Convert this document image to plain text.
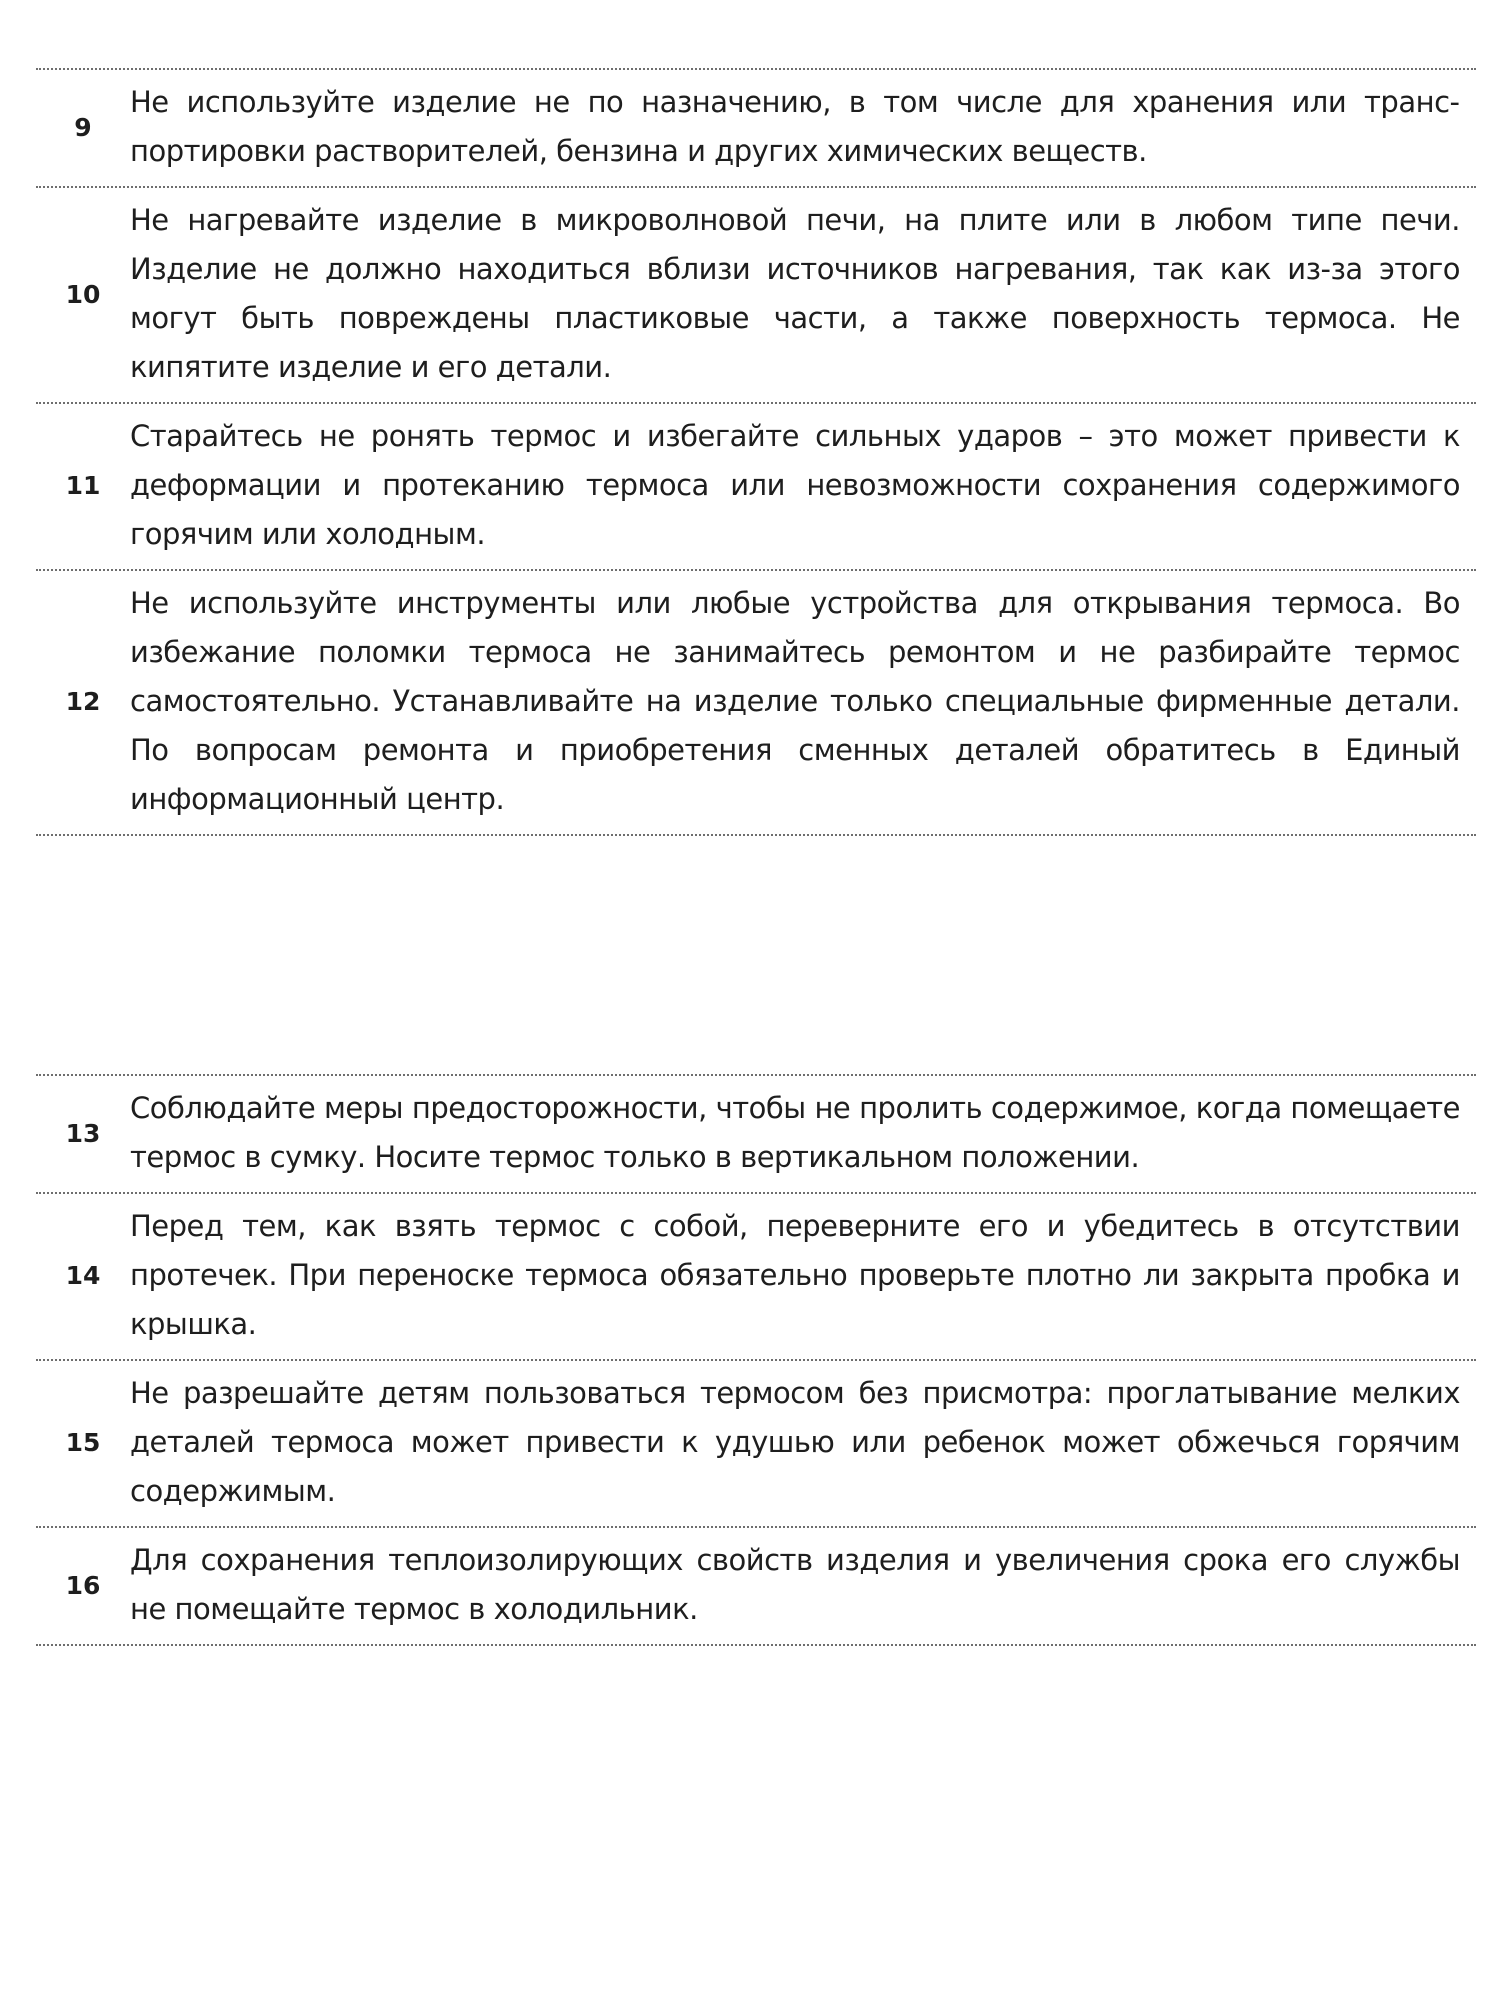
9
Не используйте изделие не по назначению, в том числе для хранения или транспортировки растворителей, бензина и других химических веществ.
10
Не нагревайте изделие в микроволновой печи, на плите или в любом типе печи. Изделие не должно находиться вблизи источников нагревания, так как из-за этого могут быть повреждены пластиковые части, а также поверхность термоса. Не кипятите изделие и его детали.
11
Старайтесь не ронять термос и избегайте сильных ударов – это может привести к деформации и протеканию термоса или невозможности сохранения содержимого горячим или холодным.
12
Не используйте инструменты или любые устройства для открывания термоса. Во избежание поломки термоса не занимайтесь ремонтом и не разбирайте термос самостоятельно. Устанавливайте на изделие только специальные фирменные детали. По вопросам ремонта и приобретения сменных деталей обратитесь в Единый информационный центр.
13
Соблюдайте меры предосторожности, чтобы не пролить содержимое, когда помещаете термос в сумку. Носите термос только в вертикальном положении.
14
Перед тем, как взять термос с собой, переверните его и убедитесь в отсутствии протечек. При переноске термоса обязательно проверьте плотно ли закрыта пробка и крышка.
15
Не разрешайте детям пользоваться термосом без присмотра: проглатывание мелких деталей термоса может привести к удушью или ребенок может обжечься горячим содержимым.
16
Для сохранения теплоизолирующих свойств изделия и увеличения срока его службы не помещайте термос в холодильник.
